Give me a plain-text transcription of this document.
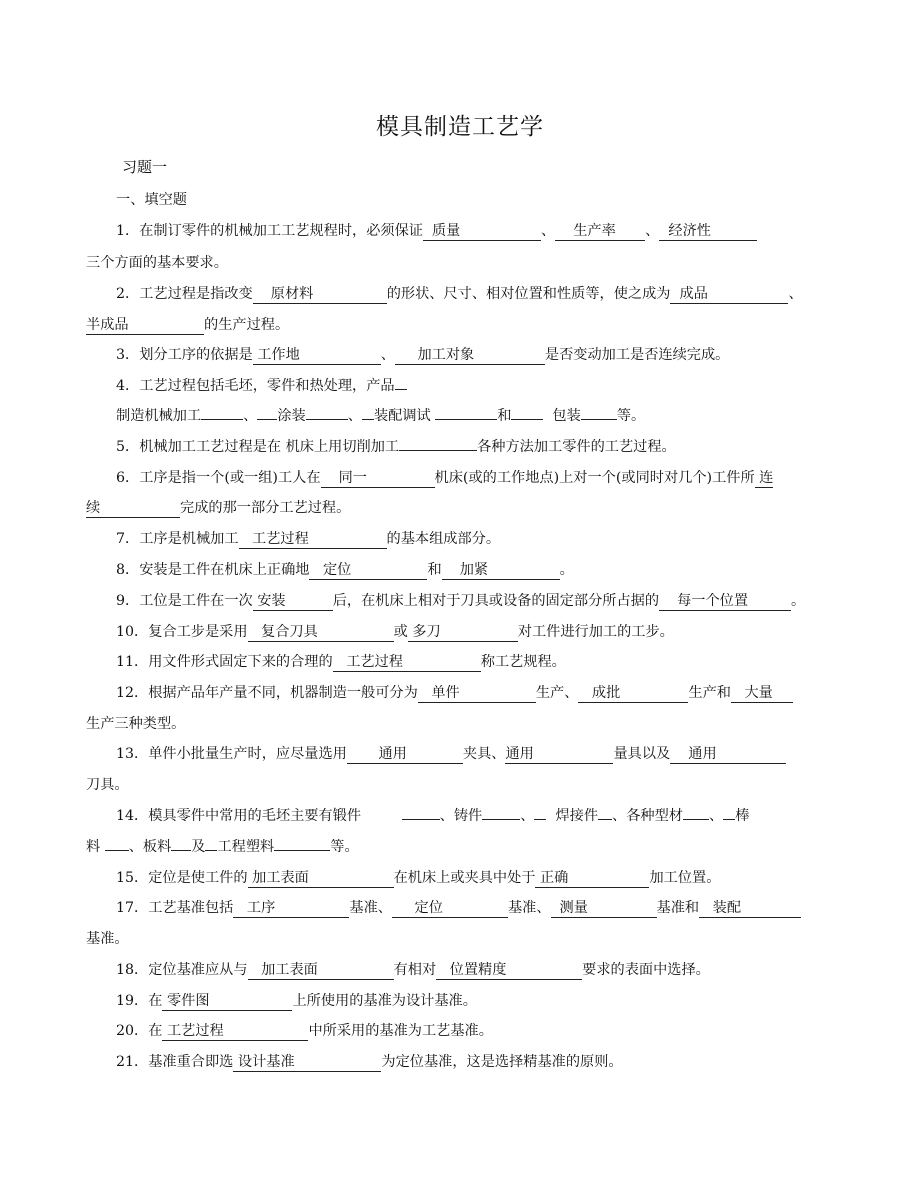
模具制造工艺学
习题一
一、填空题
1．在制订零件的机械加工工艺规程时，必须保证  质量	、    生产率 、  经济性
三个方面的基本要求。
2．工艺过程是指改变    原材料	的形状、尺寸、相对位置和性质等，使之成为  成品	、
半成品	的生产过程。
3．划分工序的依据是 工作地	、     加工对象	是否变动加工是否连续完成。
4．工艺过程包括毛坯，零件和热处理，产品
制造机械加工	、 涂装	、 装配调试	和  包装	等。
5．机械加工工艺过程是在 机床上用切削加工	各种方法加工零件的工艺过程。
6．工序是指一个(或一组)工人在    同一	机床(或的工作地点)上对一个(或同时对几个)工件所 连
续	完成的那一部分工艺过程。
7．工序是机械加工   工艺过程	的基本组成部分。
8．安装是工件在机床上正确地   定位	和    加紧	。
9．工位是工件在一次 安装	后，在机床上相对于刀具或设备的固定部分所占据的    每一个位置	。
10．复合工步是采用   复合刀具	或 多刀	对工件进行加工的工步。
11．用文件形式固定下来的合理的   工艺过程	称工艺规程。
12．根据产品年产量不同，机器制造一般可分为   单件	生产、   成批	生产和   大量
生产三种类型。
13．单件小批量生产时，应尽量选用       通用	夹具、通用	量具以及    通用
刀具。
14．模具零件中常用的毛坯主要有锻件	、铸件	、  焊接件 、各种型材 、 棒
料 、板料 及 工程塑料	等。
15．定位是使工件的 加工表面	在机床上或夹具中处于 正确	加工位置。
17．工艺基准包括   工序	基准、     定位	基准、  测量	基准和   装配
基准。
18．定位基准应从与   加工表面	有相对   位置精度	要求的表面中选择。
19．在 零件图	上所使用的基准为设计基准。
20．在 工艺过程	中所采用的基准为工艺基准。
21．基准重合即选 设计基准	为定位基准，这是选择精基准的原则。
